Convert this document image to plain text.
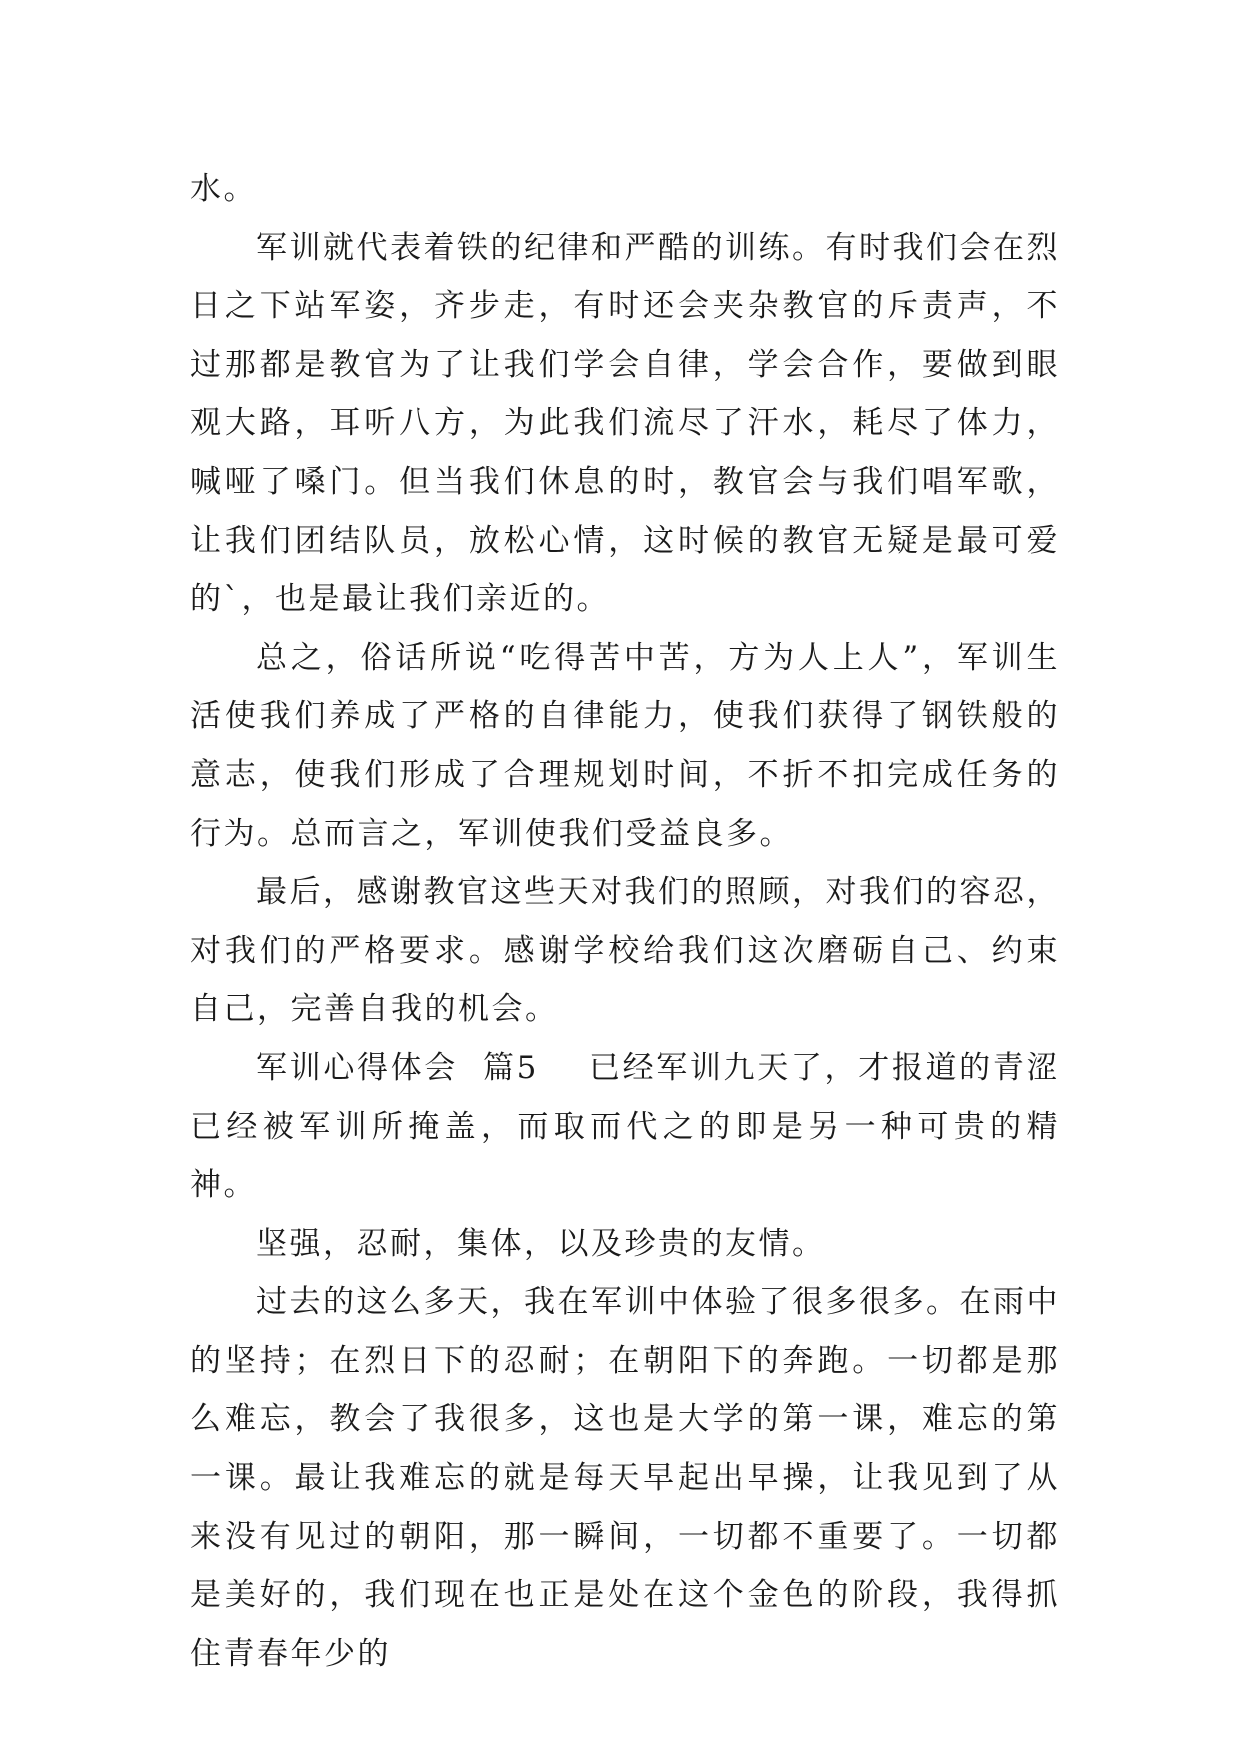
水。

军训就代表着铁的纪律和严酷的训练。有时我们会在烈日之下站军姿，齐步走，有时还会夹杂教官的斥责声，不过那都是教官为了让我们学会自律，学会合作，要做到眼观大路，耳听八方，为此我们流尽了汗水，耗尽了体力，喊哑了嗓门。但当我们休息的时，教官会与我们唱军歌，让我们团结队员，放松心情，这时候的教官无疑是最可爱的`，也是最让我们亲近的。

总之，俗话所说“吃得苦中苦，方为人上人”，军训生活使我们养成了严格的自律能力，使我们获得了钢铁般的意志，使我们形成了合理规划时间，不折不扣完成任务的行为。总而言之，军训使我们受益良多。

最后，感谢教官这些天对我们的照顾，对我们的容忍，对我们的严格要求。感谢学校给我们这次磨砺自己、约束自己，完善自我的机会。

军训心得体会  篇5    已经军训九天了，才报道的青涩已经被军训所掩盖，而取而代之的即是另一种可贵的精神。

坚强，忍耐，集体，以及珍贵的友情。

过去的这么多天，我在军训中体验了很多很多。在雨中的坚持；在烈日下的忍耐；在朝阳下的奔跑。一切都是那么难忘，教会了我很多，这也是大学的第一课，难忘的第一课。最让我难忘的就是每天早起出早操，让我见到了从来没有见过的朝阳，那一瞬间，一切都不重要了。一切都是美好的，我们现在也正是处在这个金色的阶段，我得抓住青春年少的
